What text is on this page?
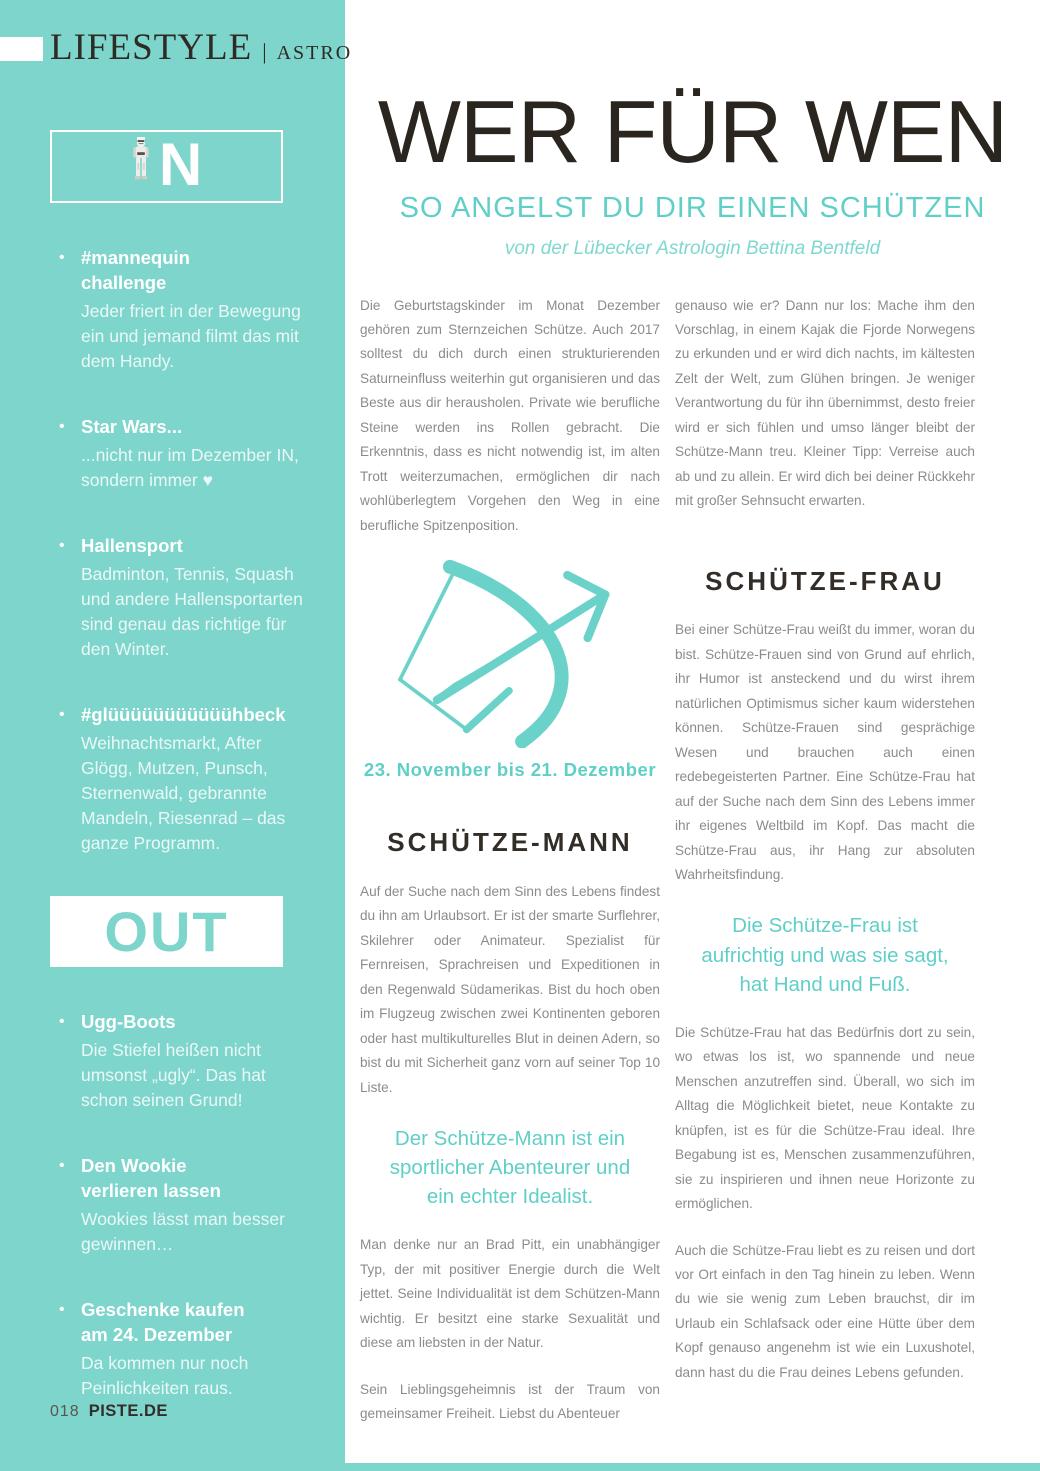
LIFESTYLE | ASTRO
N
• #mannequin challenge
Jeder friert in der Bewegung ein und jemand filmt das mit dem Handy.
• Star Wars...
...nicht nur im Dezember IN, sondern immer ♥
• Hallensport
Badminton, Tennis, Squash und andere Hallensportarten sind genau das richtige für den Winter.
• #glüüüüüüüüüüühbeck
Weihnachtsmarkt, After Glögg, Mutzen, Punsch, Sternenwald, gebrannte Mandeln, Riesenrad – das ganze Programm.
OUT
• Ugg-Boots
Die Stiefel heißen nicht umsonst „ugly“. Das hat schon seinen Grund!
• Den Wookie verlieren lassen
Wookies lässt man besser gewinnen…
• Geschenke kaufen am 24. Dezember
Da kommen nur noch Peinlichkeiten raus.
018 PISTE.DE
WER FÜR WEN
SO ANGELST DU DIR EINEN SCHÜTZEN
von der Lübecker Astrologin Bettina Bentfeld

Die Geburtstagskinder im Monat Dezember gehören zum Sternzeichen Schütze. Auch 2017 solltest du dich durch einen strukturierenden Saturneinfluss weiterhin gut organisieren und das Beste aus dir herausholen. Private wie berufliche Steine werden ins Rollen gebracht. Die Erkenntnis, dass es nicht notwendig ist, im alten Trott weiterzumachen, ermöglichen dir nach wohlüberlegtem Vorgehen den Weg in eine berufliche Spitzenposition.

23. November bis 21. Dezember
SCHÜTZE-MANN

Auf der Suche nach dem Sinn des Lebens findest du ihn am Urlaubsort. Er ist der smarte Surflehrer, Skilehrer oder Animateur. Spezialist für Fernreisen, Sprachreisen und Expeditionen in den Regenwald Südamerikas. Bist du hoch oben im Flugzeug zwischen zwei Kontinenten geboren oder hast multikulturelles Blut in deinen Adern, so bist du mit Sicherheit ganz vorn auf seiner Top 10 Liste.

Der Schütze-Mann ist ein sportlicher Abenteurer und ein echter Idealist.

Man denke nur an Brad Pitt, ein unabhängiger Typ, der mit positiver Energie durch die Welt jettet. Seine Individualität ist dem Schützen-Mann wichtig. Er besitzt eine starke Sexualität und diese am liebsten in der Natur.

Sein Lieblingsgeheimnis ist der Traum von gemeinsamer Freiheit. Liebst du Abenteuer

genauso wie er? Dann nur los: Mache ihm den Vorschlag, in einem Kajak die Fjorde Norwegens zu erkunden und er wird dich nachts, im kältesten Zelt der Welt, zum Glühen bringen. Je weniger Verantwortung du für ihn übernimmst, desto freier wird er sich fühlen und umso länger bleibt der Schütze-Mann treu. Kleiner Tipp: Verreise auch ab und zu allein. Er wird dich bei deiner Rückkehr mit großer Sehnsucht erwarten.

SCHÜTZE-FRAU

Bei einer Schütze-Frau weißt du immer, woran du bist. Schütze-Frauen sind von Grund auf ehrlich, ihr Humor ist ansteckend und du wirst ihrem natürlichen Optimismus sicher kaum widerstehen können. Schütze-Frauen sind gesprächige Wesen und brauchen auch einen redebegeisterten Partner. Eine Schütze-Frau hat auf der Suche nach dem Sinn des Lebens immer ihr eigenes Weltbild im Kopf. Das macht die Schütze-Frau aus, ihr Hang zur absoluten Wahrheitsfindung.

Die Schütze-Frau ist aufrichtig und was sie sagt, hat Hand und Fuß.

Die Schütze-Frau hat das Bedürfnis dort zu sein, wo etwas los ist, wo spannende und neue Menschen anzutreffen sind. Überall, wo sich im Alltag die Möglichkeit bietet, neue Kontakte zu knüpfen, ist es für die Schütze-Frau ideal. Ihre Begabung ist es, Menschen zusammenzuführen, sie zu inspirieren und ihnen neue Horizonte zu ermöglichen.

Auch die Schütze-Frau liebt es zu reisen und dort vor Ort einfach in den Tag hinein zu leben. Wenn du wie sie wenig zum Leben brauchst, dir im Urlaub ein Schlafsack oder eine Hütte über dem Kopf genauso angenehm ist wie ein Luxushotel, dann hast du die Frau deines Lebens gefunden.
